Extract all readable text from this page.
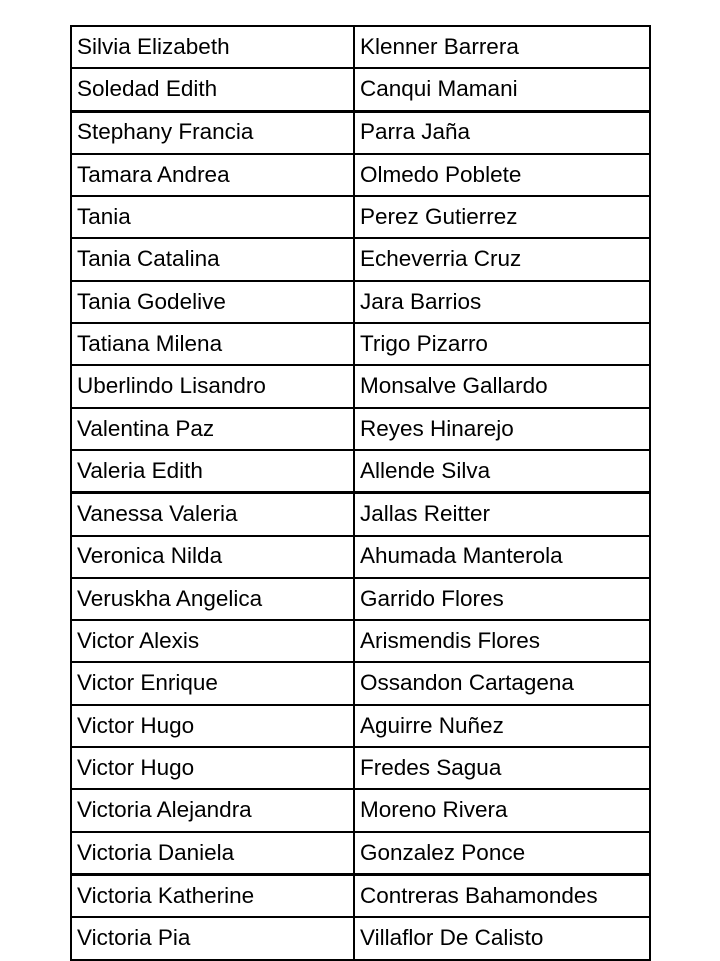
Silvia Elizabeth	Klenner Barrera
Soledad Edith	Canqui Mamani
Stephany Francia	Parra Jaña
Tamara Andrea	Olmedo Poblete
Tania	Perez Gutierrez
Tania Catalina	Echeverria Cruz
Tania Godelive	Jara Barrios
Tatiana Milena	Trigo Pizarro
Uberlindo Lisandro	Monsalve Gallardo
Valentina Paz	Reyes Hinarejo
Valeria Edith	Allende Silva
Vanessa Valeria	Jallas Reitter
Veronica Nilda	Ahumada Manterola
Veruskha Angelica	Garrido Flores
Victor Alexis	Arismendis Flores
Victor Enrique	Ossandon Cartagena
Victor Hugo	Aguirre Nuñez
Victor Hugo	Fredes Sagua
Victoria Alejandra	Moreno Rivera
Victoria Daniela	Gonzalez Ponce
Victoria Katherine	Contreras Bahamondes
Victoria Pia	Villaflor De Calisto
